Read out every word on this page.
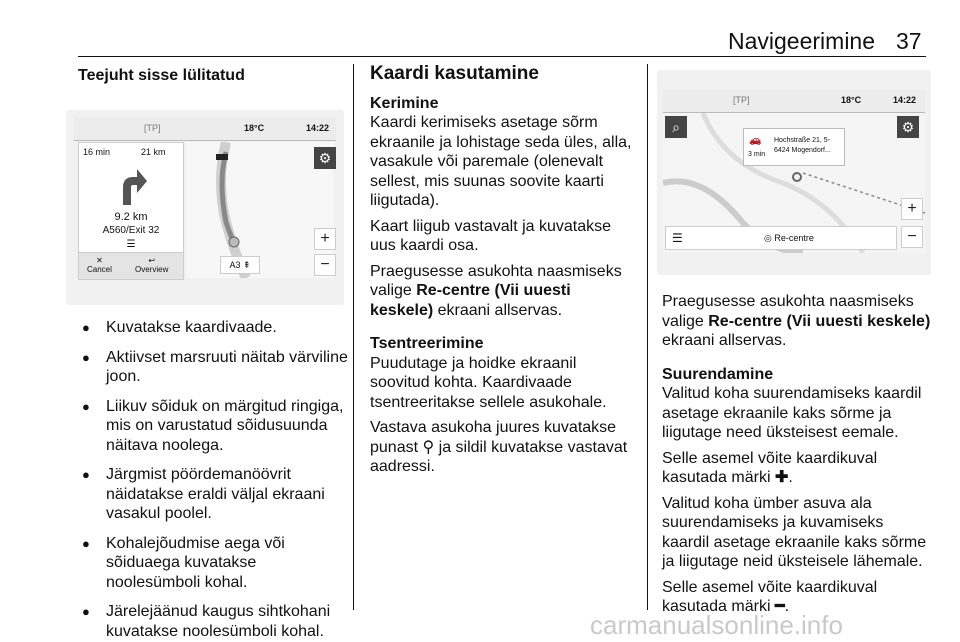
Navigeerimine 37

Teejuht sisse lülitatud

[TP]	18°C	14:22
16 min	21 km
9.2 km
A560/Exit 32
☰
✕
Cancel
↩
Overview
⚙
+
−
A3 ⇞
● Kuvatakse kaardivaade.
● Aktiivset marsruuti näitab värviline joon.
● Liikuv sõiduk on märgitud ringiga, mis on varustatud sõidusuunda näitava noolega.
● Järgmist pöördemanöövrit näidatakse eraldi väljal ekraani vasakul poolel.
● Kohalejõudmise aega või sõiduaega kuvatakse noolesümboli kohal.
● Järelejäänud kaugus sihtkohani kuvatakse noolesümboli kohal.

Kaardi kasutamine

Kerimine

Kaardi kerimiseks asetage sõrm ekraanile ja lohistage seda üles, alla, vasakule või paremale (olenevalt sellest, mis suunas soovite kaarti liigutada).

Kaart liigub vastavalt ja kuvatakse uus kaardi osa.

Praegusesse asukohta naasmiseks valige Re-centre (Vii uuesti keskele) ekraani allservas.

Tsentreerimine

Puudutage ja hoidke ekraanil soovitud kohta. Kaardivaade tsentreeritakse sellele asukohale.

Vastava asukoha juures kuvatakse punast ⚲ ja sildil kuvatakse vastavat aadressi.

[TP]	18°C	14:22
🚗
3 min
Hochstraße 21, 5-
6424 Mogendorf...
⌕	⚙
+
−
☰	◎ Re-centre

Praegusesse asukohta naasmiseks valige Re-centre (Vii uuesti keskele) ekraani allservas.

Suurendamine

Valitud koha suurendamiseks kaardil asetage ekraanile kaks sõrme ja liigutage need üksteisest eemale.

Selle asemel võite kaardikuval kasutada märki ✚.

Valitud koha ümber asuva ala suurendamiseks ja kuvamiseks kaardil asetage ekraanile kaks sõrme ja liigutage neid üksteisele lähemale.

Selle asemel võite kaardikuval kasutada märki ━.

carmanualsonline.info
